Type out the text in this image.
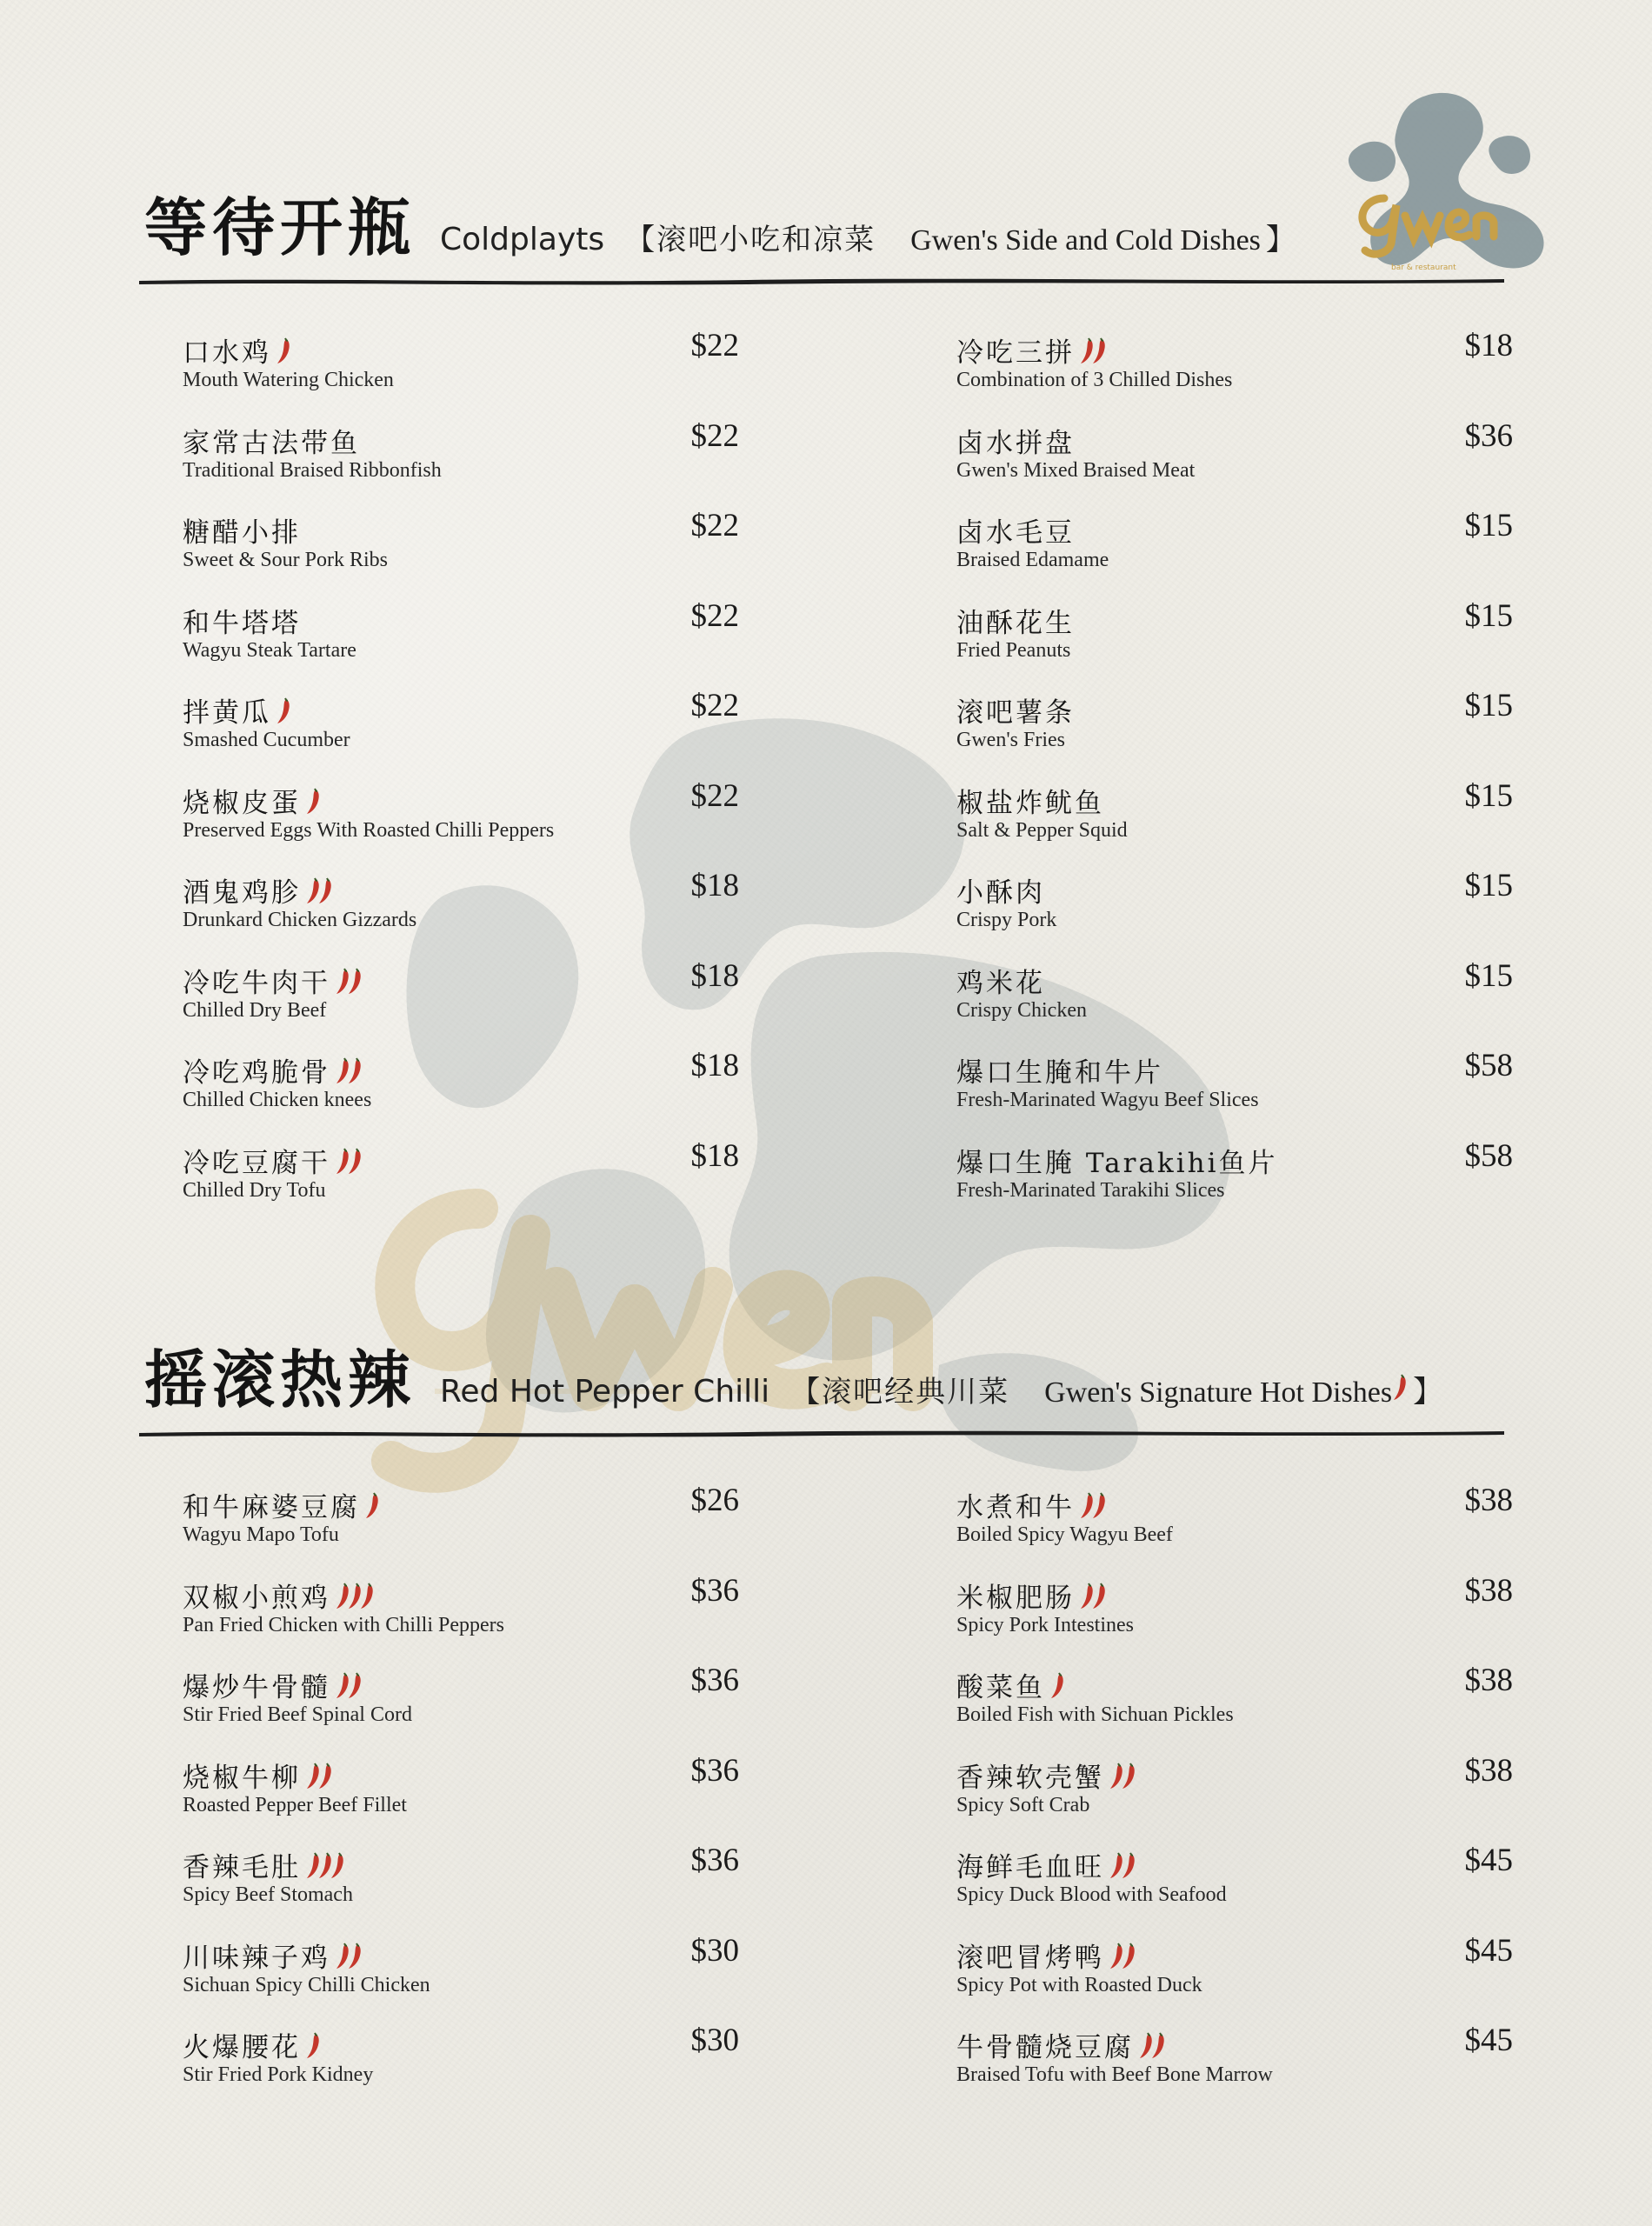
bar & restaurant
等待开瓶 Coldplayts 【滚吧小吃和凉菜 Gwen's Side and Cold Dishes 】
口水鸡
Mouth Watering Chicken
$22
家常古法带鱼
Traditional Braised Ribbonfish
$22
糖醋小排
Sweet & Sour Pork Ribs
$22
和牛塔塔
Wagyu Steak Tartare
$22
拌黄瓜
Smashed Cucumber
$22
烧椒皮蛋
Preserved Eggs With Roasted Chilli Peppers
$22
酒鬼鸡胗
Drunkard Chicken Gizzards
$18
冷吃牛肉干
Chilled Dry Beef
$18
冷吃鸡脆骨
Chilled Chicken knees
$18
冷吃豆腐干
Chilled Dry Tofu
$18
冷吃三拼
Combination of 3 Chilled Dishes
$18
卤水拼盘
Gwen's Mixed Braised Meat
$36
卤水毛豆
Braised Edamame
$15
油酥花生
Fried Peanuts
$15
滚吧薯条
Gwen's Fries
$15
椒盐炸鱿鱼
Salt & Pepper Squid
$15
小酥肉
Crispy Pork
$15
鸡米花
Crispy Chicken
$15
爆口生腌和牛片
Fresh-Marinated Wagyu Beef Slices
$58
爆口生腌 Tarakihi鱼片
Fresh-Marinated Tarakihi Slices
$58
摇滚热辣 Red Hot Pepper Chilli 【滚吧经典川菜 Gwen's Signature Hot Dishes 】
和牛麻婆豆腐
Wagyu Mapo Tofu
$26
双椒小煎鸡
Pan Fried Chicken with Chilli Peppers
$36
爆炒牛骨髓
Stir Fried Beef Spinal Cord
$36
烧椒牛柳
Roasted Pepper Beef Fillet
$36
香辣毛肚
Spicy Beef Stomach
$36
川味辣子鸡
Sichuan Spicy Chilli Chicken
$30
火爆腰花
Stir Fried Pork Kidney
$30
水煮和牛
Boiled Spicy Wagyu Beef
$38
米椒肥肠
Spicy Pork Intestines
$38
酸菜鱼
Boiled Fish with Sichuan Pickles
$38
香辣软壳蟹
Spicy Soft Crab
$38
海鲜毛血旺
Spicy Duck Blood with Seafood
$45
滚吧冒烤鸭
Spicy Pot with Roasted Duck
$45
牛骨髓烧豆腐
Braised Tofu with Beef Bone Marrow
$45
